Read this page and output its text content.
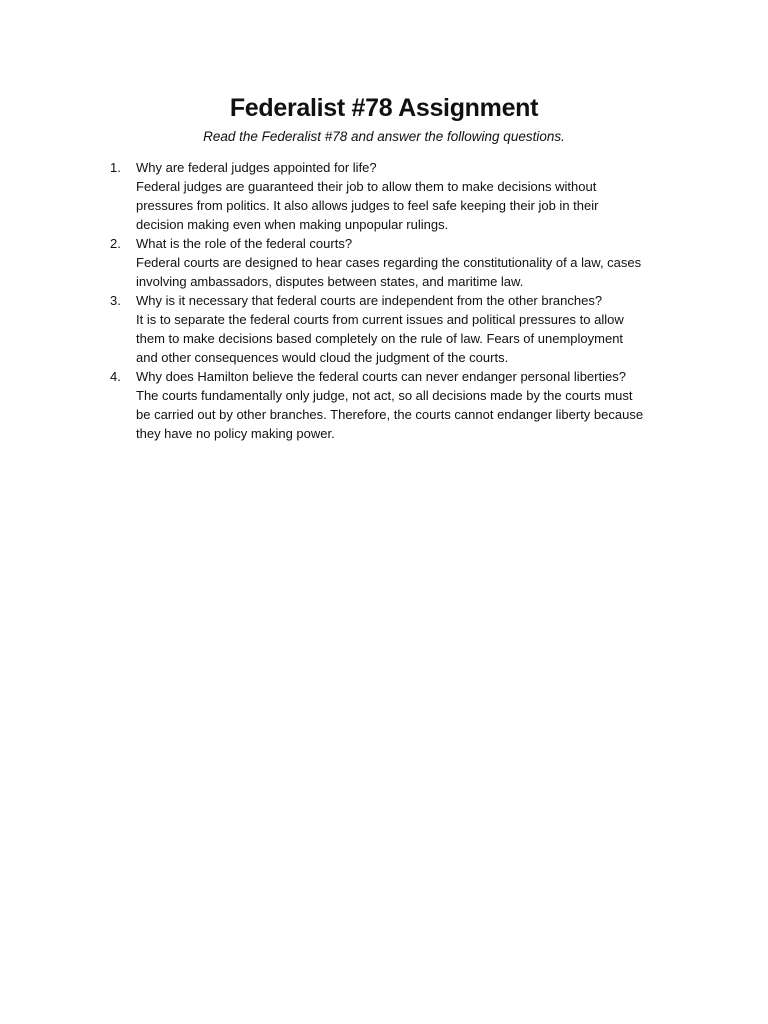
Federalist #78 Assignment

Read the Federalist #78 and answer the following questions.

1. Why are federal judges appointed for life?
Federal judges are guaranteed their job to allow them to make decisions without
pressures from politics. It also allows judges to feel safe keeping their job in their
decision making even when making unpopular rulings.
2. What is the role of the federal courts?
Federal courts are designed to hear cases regarding the constitutionality of a law, cases
involving ambassadors, disputes between states, and maritime law.
3. Why is it necessary that federal courts are independent from the other branches?
It is to separate the federal courts from current issues and political pressures to allow
them to make decisions based completely on the rule of law. Fears of unemployment
and other consequences would cloud the judgment of the courts.
4. Why does Hamilton believe the federal courts can never endanger personal liberties?
The courts fundamentally only judge, not act, so all decisions made by the courts must
be carried out by other branches. Therefore, the courts cannot endanger liberty because
they have no policy making power.
